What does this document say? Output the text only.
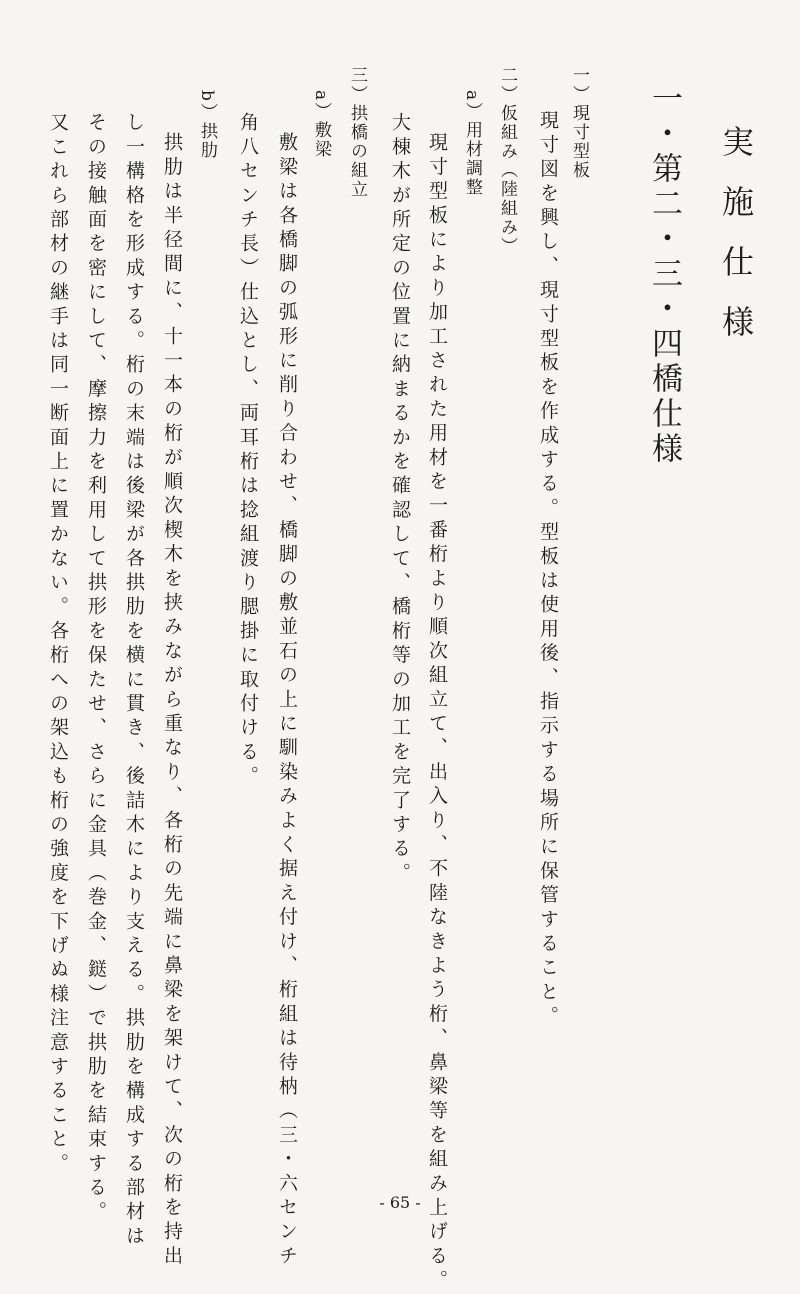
実施仕様
一・第二・三・四橋仕様
一）現寸型板

現寸図を興し、現寸型板を作成する。型板は使用後、指示する場所に保管すること。

二）仮組み（陸組み）
a）用材調整

現寸型板により加工された用材を一番桁より順次組立て、出入り、不陸なきよう桁、鼻梁等を組み上げる。

大棟木が所定の位置に納まるかを確認して、橋桁等の加工を完了する。

三）拱橋の組立
a）敷梁

敷梁は各橋脚の弧形に削り合わせ、橋脚の敷並石の上に馴染みよく据え付け、桁組は待枘（三・六センチ

角八センチ長）仕込とし、両耳桁は捻組渡り腮掛に取付ける。

b）拱肋

拱肋は半径間に、十一本の桁が順次楔木を挟みながら重なり、各桁の先端に鼻梁を架けて、次の桁を持出

し一構格を形成する。桁の末端は後梁が各拱肋を横に貫き、後詰木により支える。拱肋を構成する部材は

その接触面を密にして、摩擦力を利用して拱形を保たせ、さらに金具（巻金、鎹）で拱肋を結束する。

又これら部材の継手は同一断面上に置かない。各桁への架込も桁の強度を下げぬ様注意すること。

- 65 -
